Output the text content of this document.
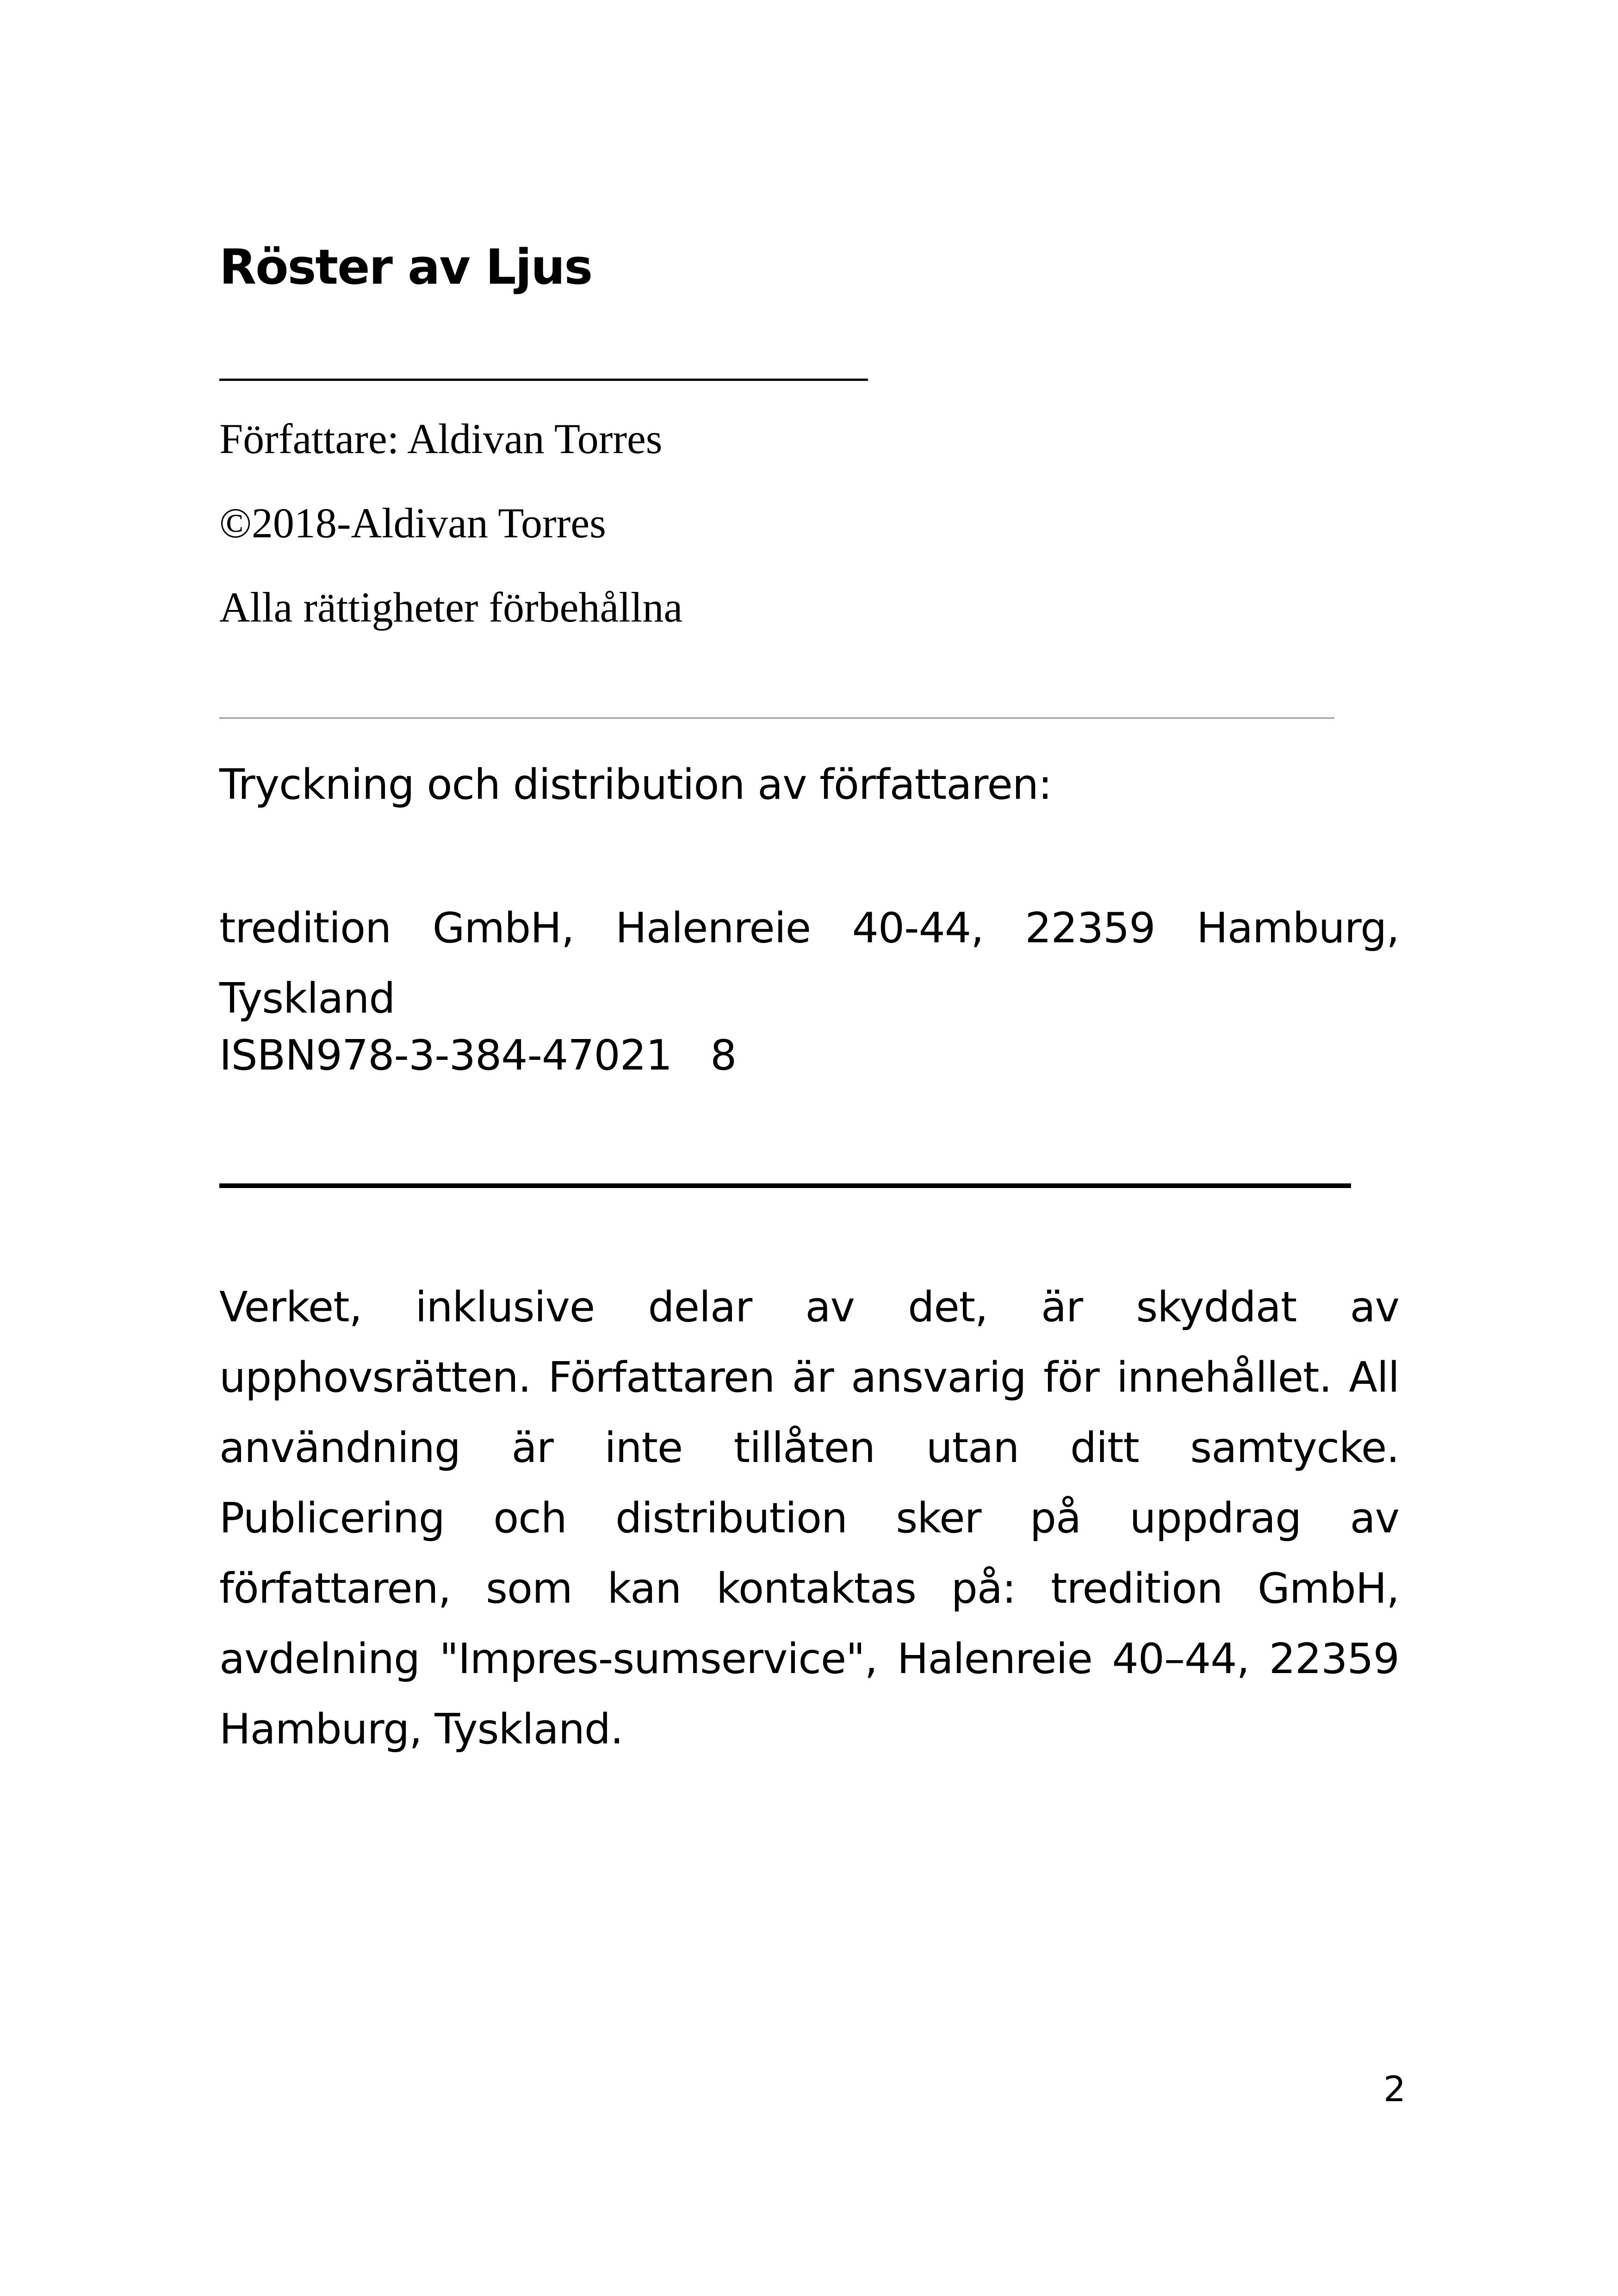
Röster av Ljus

Författare: Aldivan Torres

©2018-Aldivan Torres

Alla rättigheter förbehållna

Tryckning och distribution av författaren:

tredition GmbH, Halenreie 40-44, 22359 Hamburg, Tyskland

ISBN978-3-384-47021   8

Verket, inklusive delar av det, är skyddat av upphovsrätten. Författaren är ansvarig för innehållet. All användning är inte tillåten utan ditt samtycke. Publicering och distribution sker på uppdrag av författaren, som kan kontaktas på: tredition GmbH, avdelning "Impres-sumservice", Halenreie 40–44, 22359 Hamburg, Tyskland.

2
